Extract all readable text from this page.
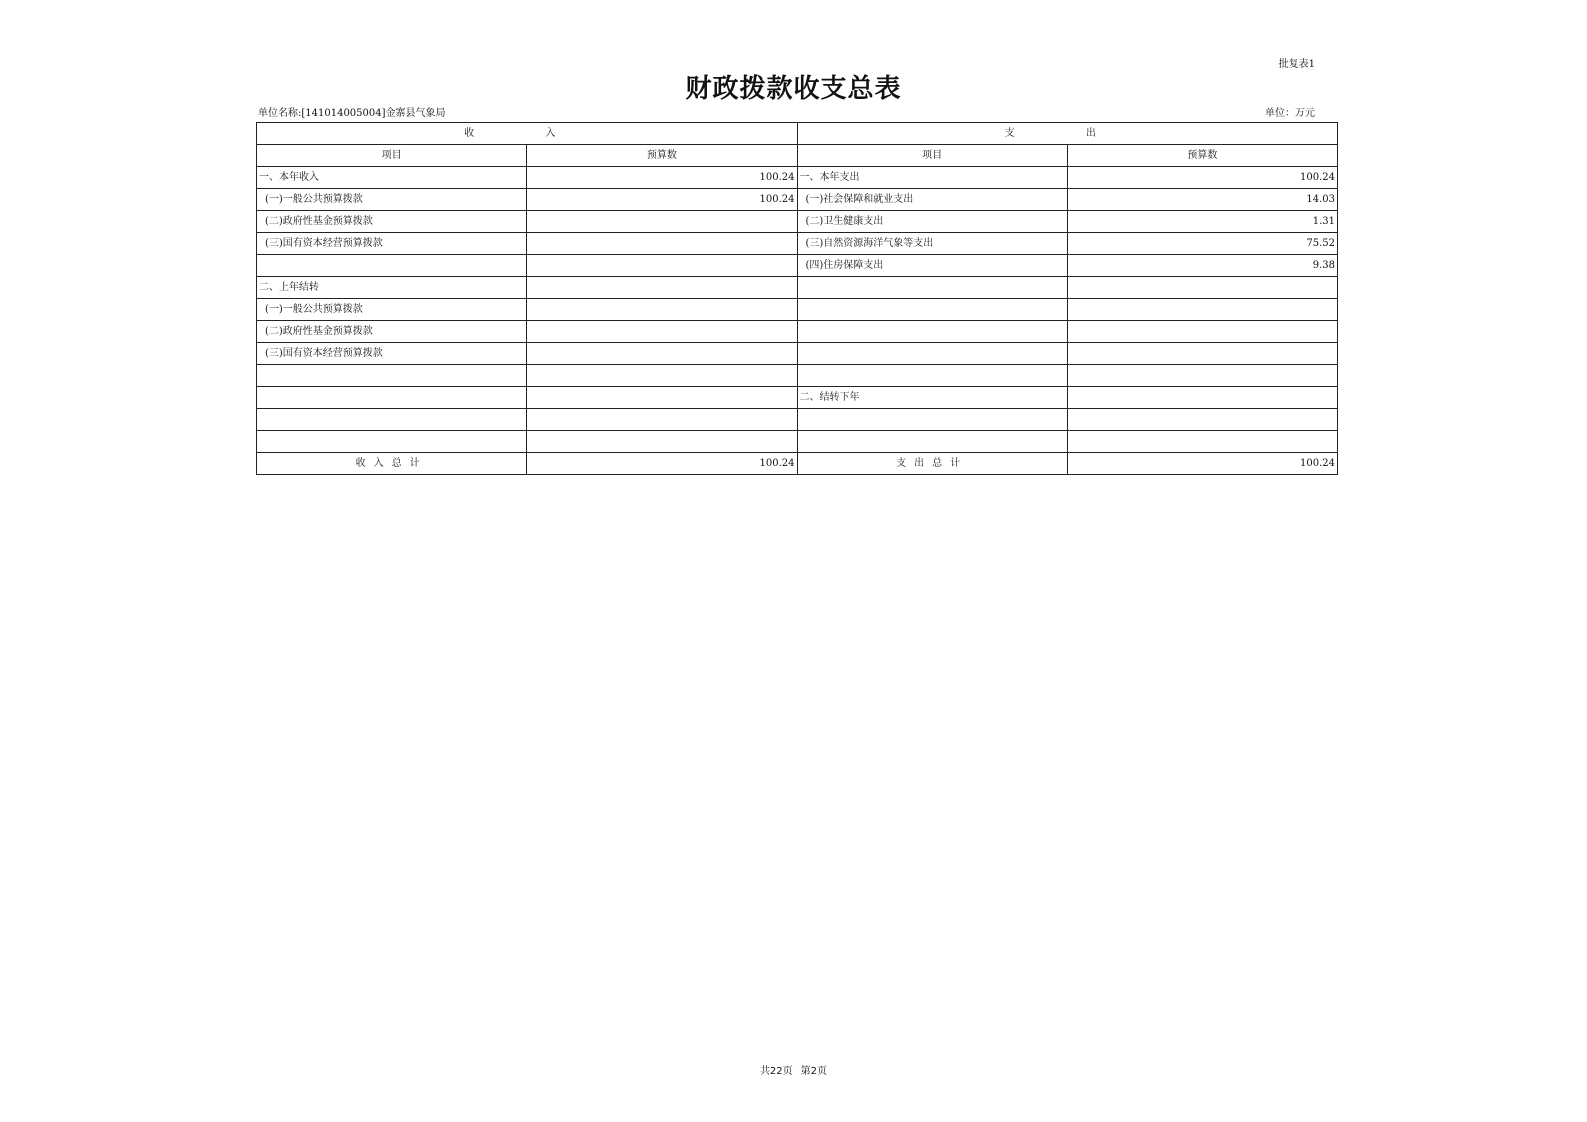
批复表1
财政拨款收支总表
单位名称:[141014005004]金寨县气象局	单位：万元
收 入		支 出	
项目	预算数	项目	预算数
一、本年收入	100.24	一、本年支出	100.24
(一)一般公共预算拨款	100.24	(一)社会保障和就业支出	14.03
(二)政府性基金预算拨款		(二)卫生健康支出	1.31
(三)国有资本经营预算拨款		(三)自然资源海洋气象等支出	75.52
		(四)住房保障支出	9.38
二、上年结转			
(一)一般公共预算拨款			
(二)政府性基金预算拨款			
(三)国有资本经营预算拨款			

		二、结转下年	

收入总计	100.24	支出总计	100.24
共22页 第2页
